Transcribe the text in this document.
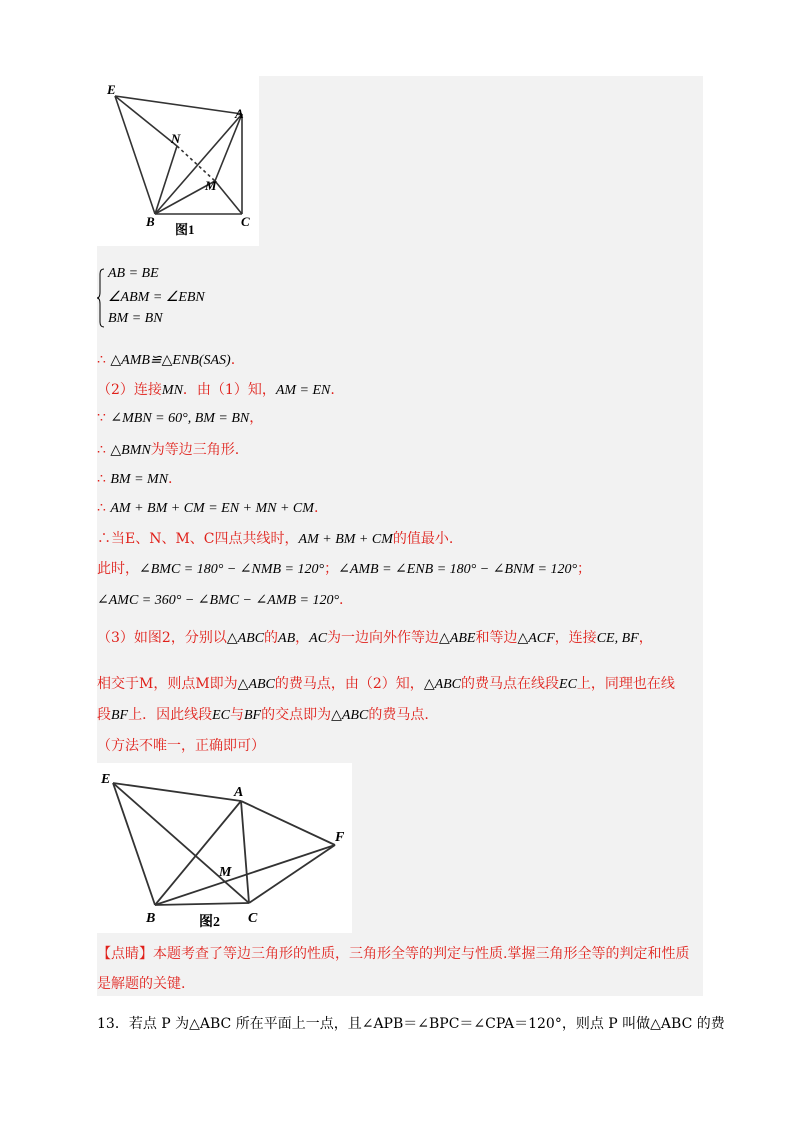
E
A
N
M
B	C
图1
AB = BE
∠ABM = ∠EBN
BM = BN
∴ △AMB≌△ENB(SAS).
（2）连接MN．由（1）知，AM = EN.
∵ ∠MBN = 60°, BM = BN，
∴ △BMN为等边三角形.
∴ BM = MN.
∴ AM + BM + CM = EN + MN + CM.
∴当E、N、M、C四点共线时，AM + BM + CM的值最小.
此时，∠BMC = 180° − ∠NMB = 120°；∠AMB = ∠ENB = 180° − ∠BNM = 120°；
∠AMC = 360° − ∠BMC − ∠AMB = 120°.
（3）如图2，分别以△ABC的AB，AC为一边向外作等边△ABE和等边△ACF，连接CE, BF，
相交于M，则点M即为△ABC的费马点，由（2）知，△ABC的费马点在线段EC上，同理也在线
段BF上．因此线段EC与BF的交点即为△ABC的费马点.
（方法不唯一，正确即可）
E
A
F
M
B	C
图2
【点睛】本题考查了等边三角形的性质，三角形全等的判定与性质.掌握三角形全等的判定和性质
是解题的关键.
13．若点 P 为△ABC 所在平面上一点，且∠APB＝∠BPC＝∠CPA＝120°，则点 P 叫做△ABC 的费
